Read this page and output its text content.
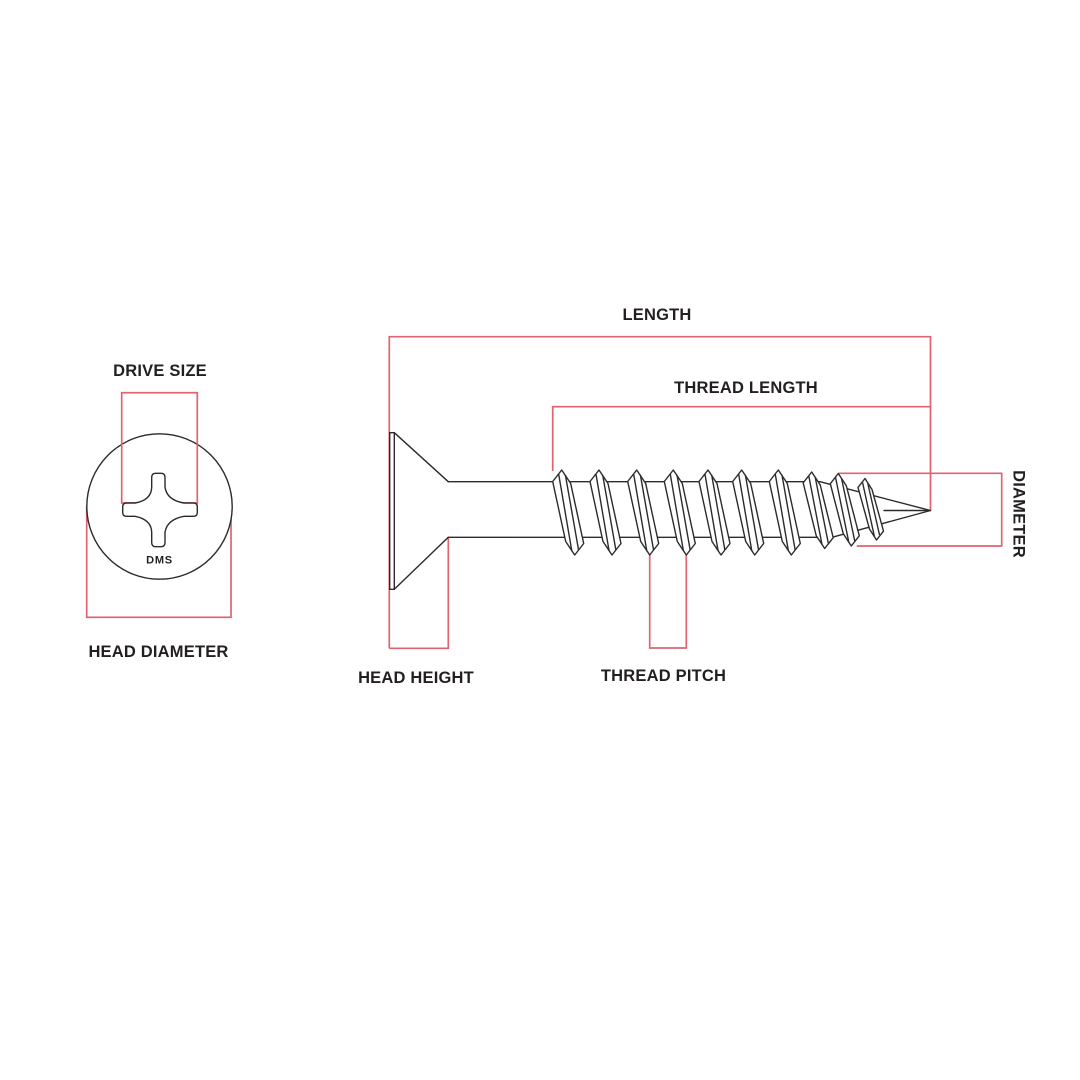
DRIVE SIZE
HEAD DIAMETER
DMS
LENGTH
THREAD LENGTH
DIAMETER
HEAD HEIGHT	THREAD PITCH
